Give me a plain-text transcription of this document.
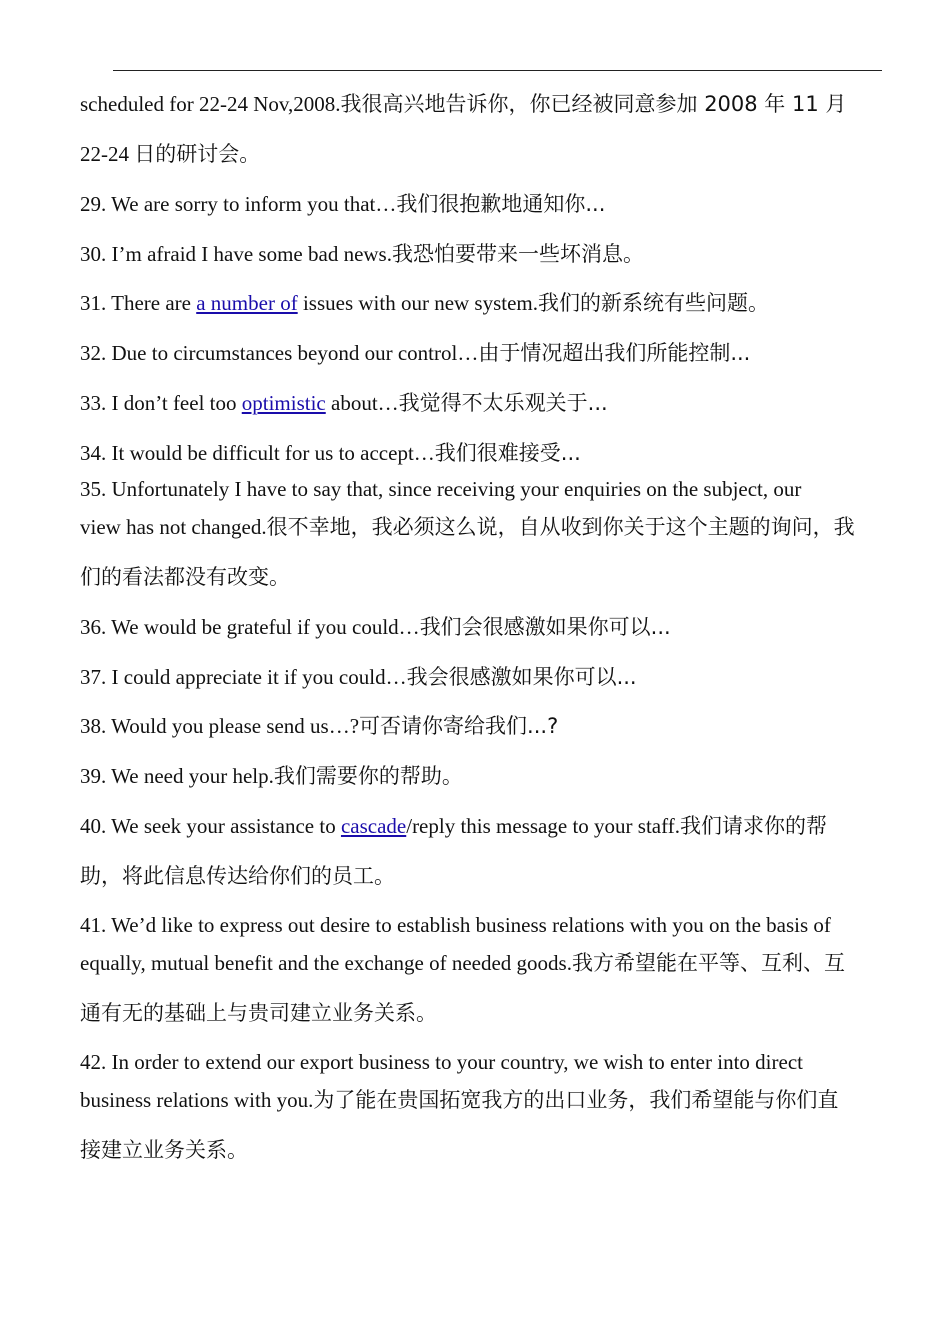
scheduled for 22-24 Nov,2008.我很高兴地告诉你，你已经被同意参加 2008 年 11 月
22-24 日的研讨会。
29. We are sorry to inform you that…我们很抱歉地通知你...
30. I’m afraid I have some bad news.我恐怕要带来一些坏消息。
31. There are a number of issues with our new system.我们的新系统有些问题。
32. Due to circumstances beyond our control…由于情况超出我们所能控制...
33. I don’t feel too optimistic about…我觉得不太乐观关于...
34. It would be difficult for us to accept…我们很难接受...
35. Unfortunately I have to say that, since receiving your enquiries on the subject, our
view has not changed.很不幸地，我必须这么说，自从收到你关于这个主题的询问，我
们的看法都没有改变。
36. We would be grateful if you could…我们会很感激如果你可以...
37. I could appreciate it if you could…我会很感激如果你可以...
38. Would you please send us…?可否请你寄给我们...?
39. We need your help.我们需要你的帮助。
40. We seek your assistance to cascade/reply this message to your staff.我们请求你的帮
助，将此信息传达给你们的员工。
41. We’d like to express out desire to establish business relations with you on the basis of
equally, mutual benefit and the exchange of needed goods.我方希望能在平等、互利、互
通有无的基础上与贵司建立业务关系。
42. In order to extend our export business to your country, we wish to enter into direct
business relations with you.为了能在贵国拓宽我方的出口业务，我们希望能与你们直
接建立业务关系。
